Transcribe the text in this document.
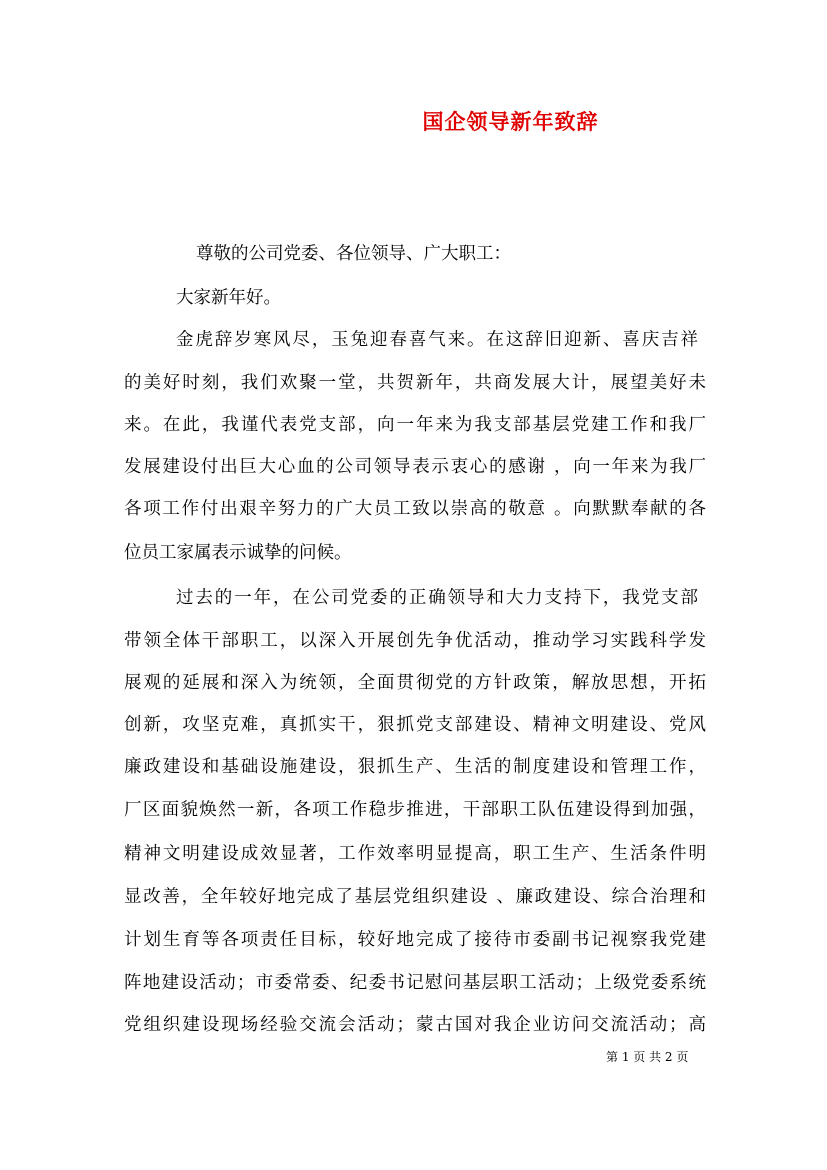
国企领导新年致辞
尊敬的公司党委、各位领导、广大职工：
大家新年好。
金虎辞岁寒风尽，玉兔迎春喜气来。在这辞旧迎新、喜庆吉祥
的美好时刻，我们欢聚一堂，共贺新年，共商发展大计，展望美好未
来。在此，我谨代表党支部，向一年来为我支部基层党建工作和我厂
发展建设付出巨大心血的公司领导表示衷心的感谢 ，向一年来为我厂
各项工作付出艰辛努力的广大员工致以崇高的敬意 。向默默奉献的各
位员工家属表示诚挚的问候。
过去的一年，在公司党委的正确领导和大力支持下，我党支部
带领全体干部职工，以深入开展创先争优活动，推动学习实践科学发
展观的延展和深入为统领，全面贯彻党的方针政策，解放思想，开拓
创新，攻坚克难，真抓实干，狠抓党支部建设、精神文明建设、党风
廉政建设和基础设施建设，狠抓生产、生活的制度建设和管理工作，
厂区面貌焕然一新，各项工作稳步推进，干部职工队伍建设得到加强，
精神文明建设成效显著，工作效率明显提高，职工生产、生活条件明
显改善，全年较好地完成了基层党组织建设 、廉政建设、综合治理和
计划生育等各项责任目标，较好地完成了接待市委副书记视察我党建
阵地建设活动；市委常委、纪委书记慰问基层职工活动；上级党委系统
党组织建设现场经验交流会活动；蒙古国对我企业访问交流活动；高
第 1 页 共 2 页
